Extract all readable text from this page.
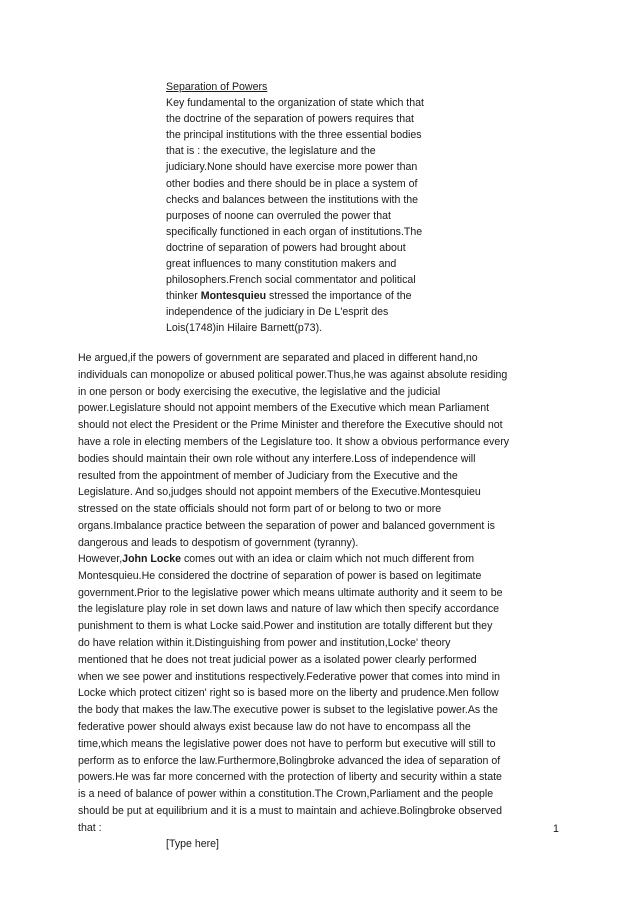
Separation of Powers
Key fundamental to the organization of state which that
the doctrine of the separation of powers requires that
the principal institutions with the three essential bodies
that is : the executive, the legislature and the
judiciary.None should have exercise more power than
other bodies and there should be in place a system of
checks and balances between the institutions with the
purposes of noone can overruled the power that
specifically functioned in each organ of institutions.The
doctrine of separation of powers had brought about
great influences to many constitution makers and
philosophers.French social commentator and political
thinker Montesquieu stressed the importance of the
independence of the judiciary in De L'esprit des
Lois(1748)in Hilaire Barnett(p73).
He argued,if the powers of government are separated and placed in different hand,no
individuals can monopolize or abused political power.Thus,he was against absolute residing
in one person or body exercising the executive, the legislative and the judicial
power.Legislature should not appoint members of the Executive which mean Parliament
should not elect the President or the Prime Minister and therefore the Executive should not
have a role in electing members of the Legislature too. It show a obvious performance every
bodies should maintain their own role without any interfere.Loss of independence will
resulted from the appointment of member of Judiciary from the Executive and the
Legislature. And so,judges should not appoint members of the Executive.Montesquieu
stressed on the state officials should not form part of or belong to two or more
organs.Imbalance practice between the separation of power and balanced government is
dangerous and leads to despotism of government (tyranny).
However,John Locke comes out with an idea or claim which not much different from
Montesquieu.He considered the doctrine of separation of power is based on legitimate
government.Prior to the legislative power which means ultimate authority and it seem to be
the legislature play role in set down laws and nature of law which then specify accordance
punishment to them is what Locke said.Power and institution are totally different but they
do have relation within it.Distinguishing from power and institution,Locke' theory
mentioned that he does not treat judicial power as a isolated power clearly performed
when we see power and institutions respectively.Federative power that comes into mind in
Locke which protect citizen' right so is based more on the liberty and prudence.Men follow
the body that makes the law.The executive power is subset to the legislative power.As the
federative power should always exist because law do not have to encompass all the
time,which means the legislative power does not have to perform but executive will still to
perform as to enforce the law.Furthermore,Bolingbroke advanced the idea of separation of
powers.He was far more concerned with the protection of liberty and security within a state
is a need of balance of power within a constitution.The Crown,Parliament and the people
should be put at equilibrium and it is a must to maintain and achieve.Bolingbroke observed
that :
[Type here]
1
